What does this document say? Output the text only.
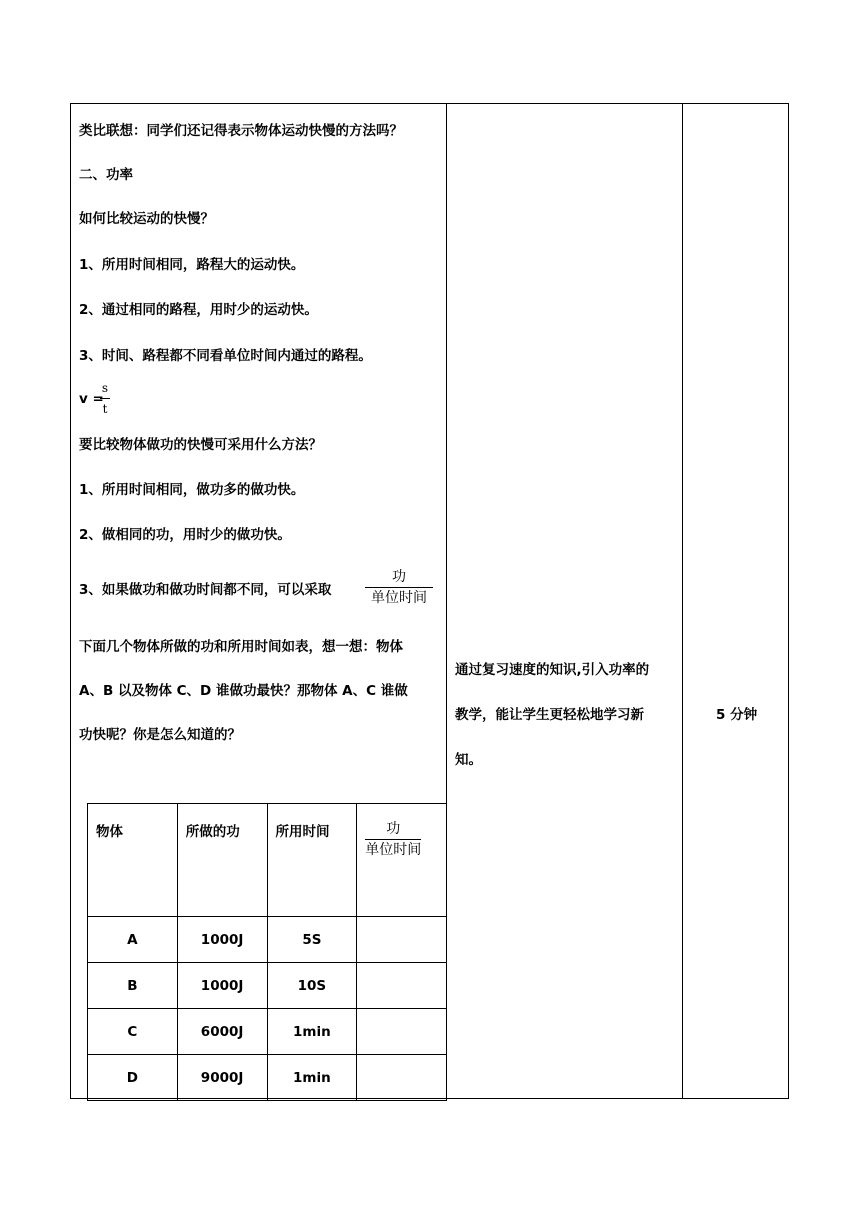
类比联想：同学们还记得表示物体运动快慢的方法吗？
二、功率
如何比较运动的快慢？
1、所用时间相同，路程大的运动快。
2、通过相同的路程，用时少的运动快。
3、时间、路程都不同看单位时间内通过的路程。
v =
s
t
要比较物体做功的快慢可采用什么方法？
1、所用时间相同，做功多的做功快。
2、做相同的功，用时少的做功快。
3、如果做功和做功时间都不同，可以采取
功
单位时间
下面几个物体所做的功和所用时间如表，想一想：物体
A、B 以及物体 C、D 谁做功最快？那物体 A、C 谁做
功快呢？你是怎么知道的？
物体	所做的功	所用时间	$\frac{\text{功}}{\text{单位时间}}$

A	1000J	5S	
B	1000J	10S	
C	6000J	1min	
D	9000J	1min	
通过复习速度的知识,引入功率的
教学，能让学生更轻松地学习新
知。
5 分钟
